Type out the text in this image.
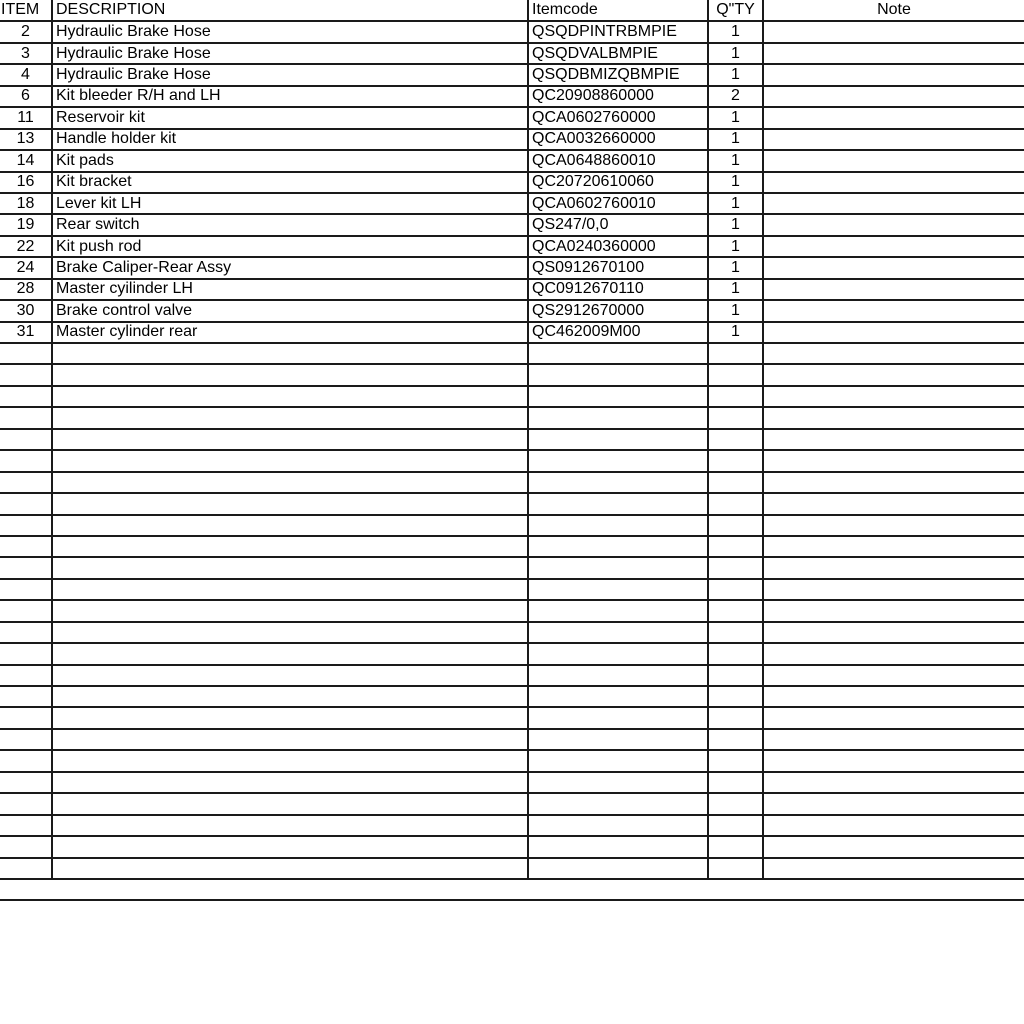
ITEM	DESCRIPTION	Itemcode	Q"TY	Note
2	Hydraulic Brake Hose	QSQDPINTRBMPIE	1	
3	Hydraulic Brake Hose	QSQDVALBMPIE	1	
4	Hydraulic Brake Hose	QSQDBMIZQBMPIE	1	
6	Kit bleeder R/H and LH	QC20908860000	2	
11	Reservoir kit	QCA0602760000	1	
13	Handle holder kit	QCA0032660000	1	
14	Kit pads	QCA0648860010	1	
16	Kit bracket	QC20720610060	1	
18	Lever kit LH	QCA0602760010	1	
19	Rear switch	QS247/0,0	1	
22	Kit push rod	QCA0240360000	1	
24	Brake Caliper-Rear Assy	QS0912670100	1	
28	Master cyilinder LH	QC0912670110	1	
30	Brake control valve	QS2912670000	1	
31	Master cylinder rear	QC462009M00	1	
